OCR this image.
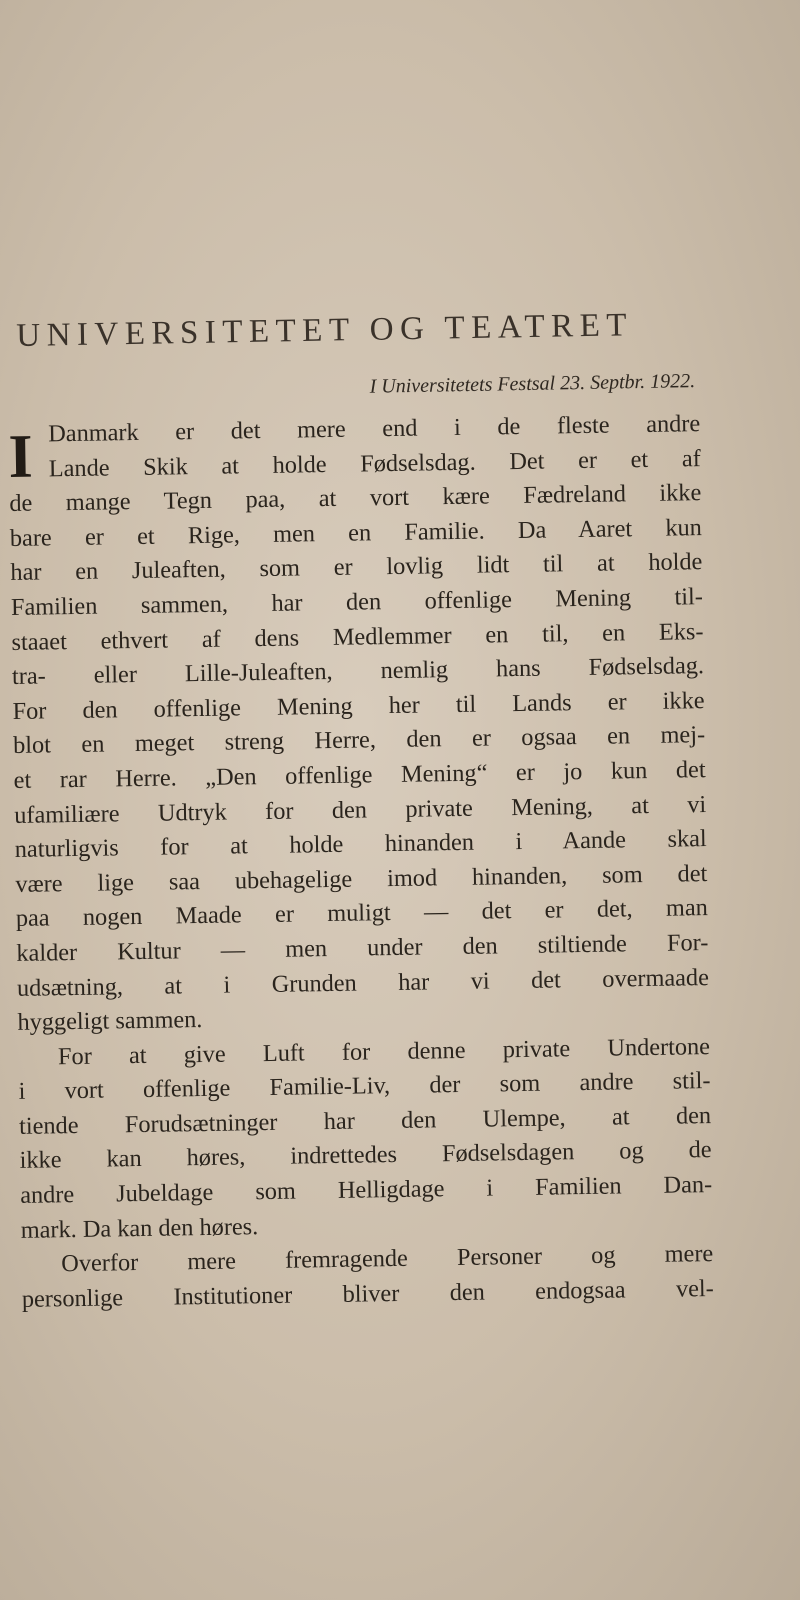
UNIVERSITETET OG TEATRET
I Universitetets Festsal 23. Septbr. 1922.
I Danmark er det mere end i de fleste andre
Lande Skik at holde Fødselsdag. Det er et af
de mange Tegn paa, at vort kære Fædreland ikke
bare er et Rige, men en Familie. Da Aaret kun
har en Juleaften, som er lovlig lidt til at holde
Familien sammen, har den offenlige Mening til-
staaet ethvert af dens Medlemmer en til, en Eks-
tra- eller Lille-Juleaften, nemlig hans Fødselsdag.
For den offenlige Mening her til Lands er ikke
blot en meget streng Herre, den er ogsaa en mej-
et rar Herre. „Den offenlige Mening“ er jo kun det
ufamiliære Udtryk for den private Mening, at vi
naturligvis for at holde hinanden i Aande skal
være lige saa ubehagelige imod hinanden, som det
paa nogen Maade er muligt — det er det, man
kalder Kultur — men under den stiltiende For-
udsætning, at i Grunden har vi det overmaade
hyggeligt sammen.
For at give Luft for denne private Undertone
i vort offenlige Familie-Liv, der som andre stil-
tiende Forudsætninger har den Ulempe, at den
ikke kan høres, indrettedes Fødselsdagen og de
andre Jubeldage som Helligdage i Familien Dan-
mark. Da kan den høres.
Overfor mere fremragende Personer og mere
personlige Institutioner bliver den endogsaa vel-
